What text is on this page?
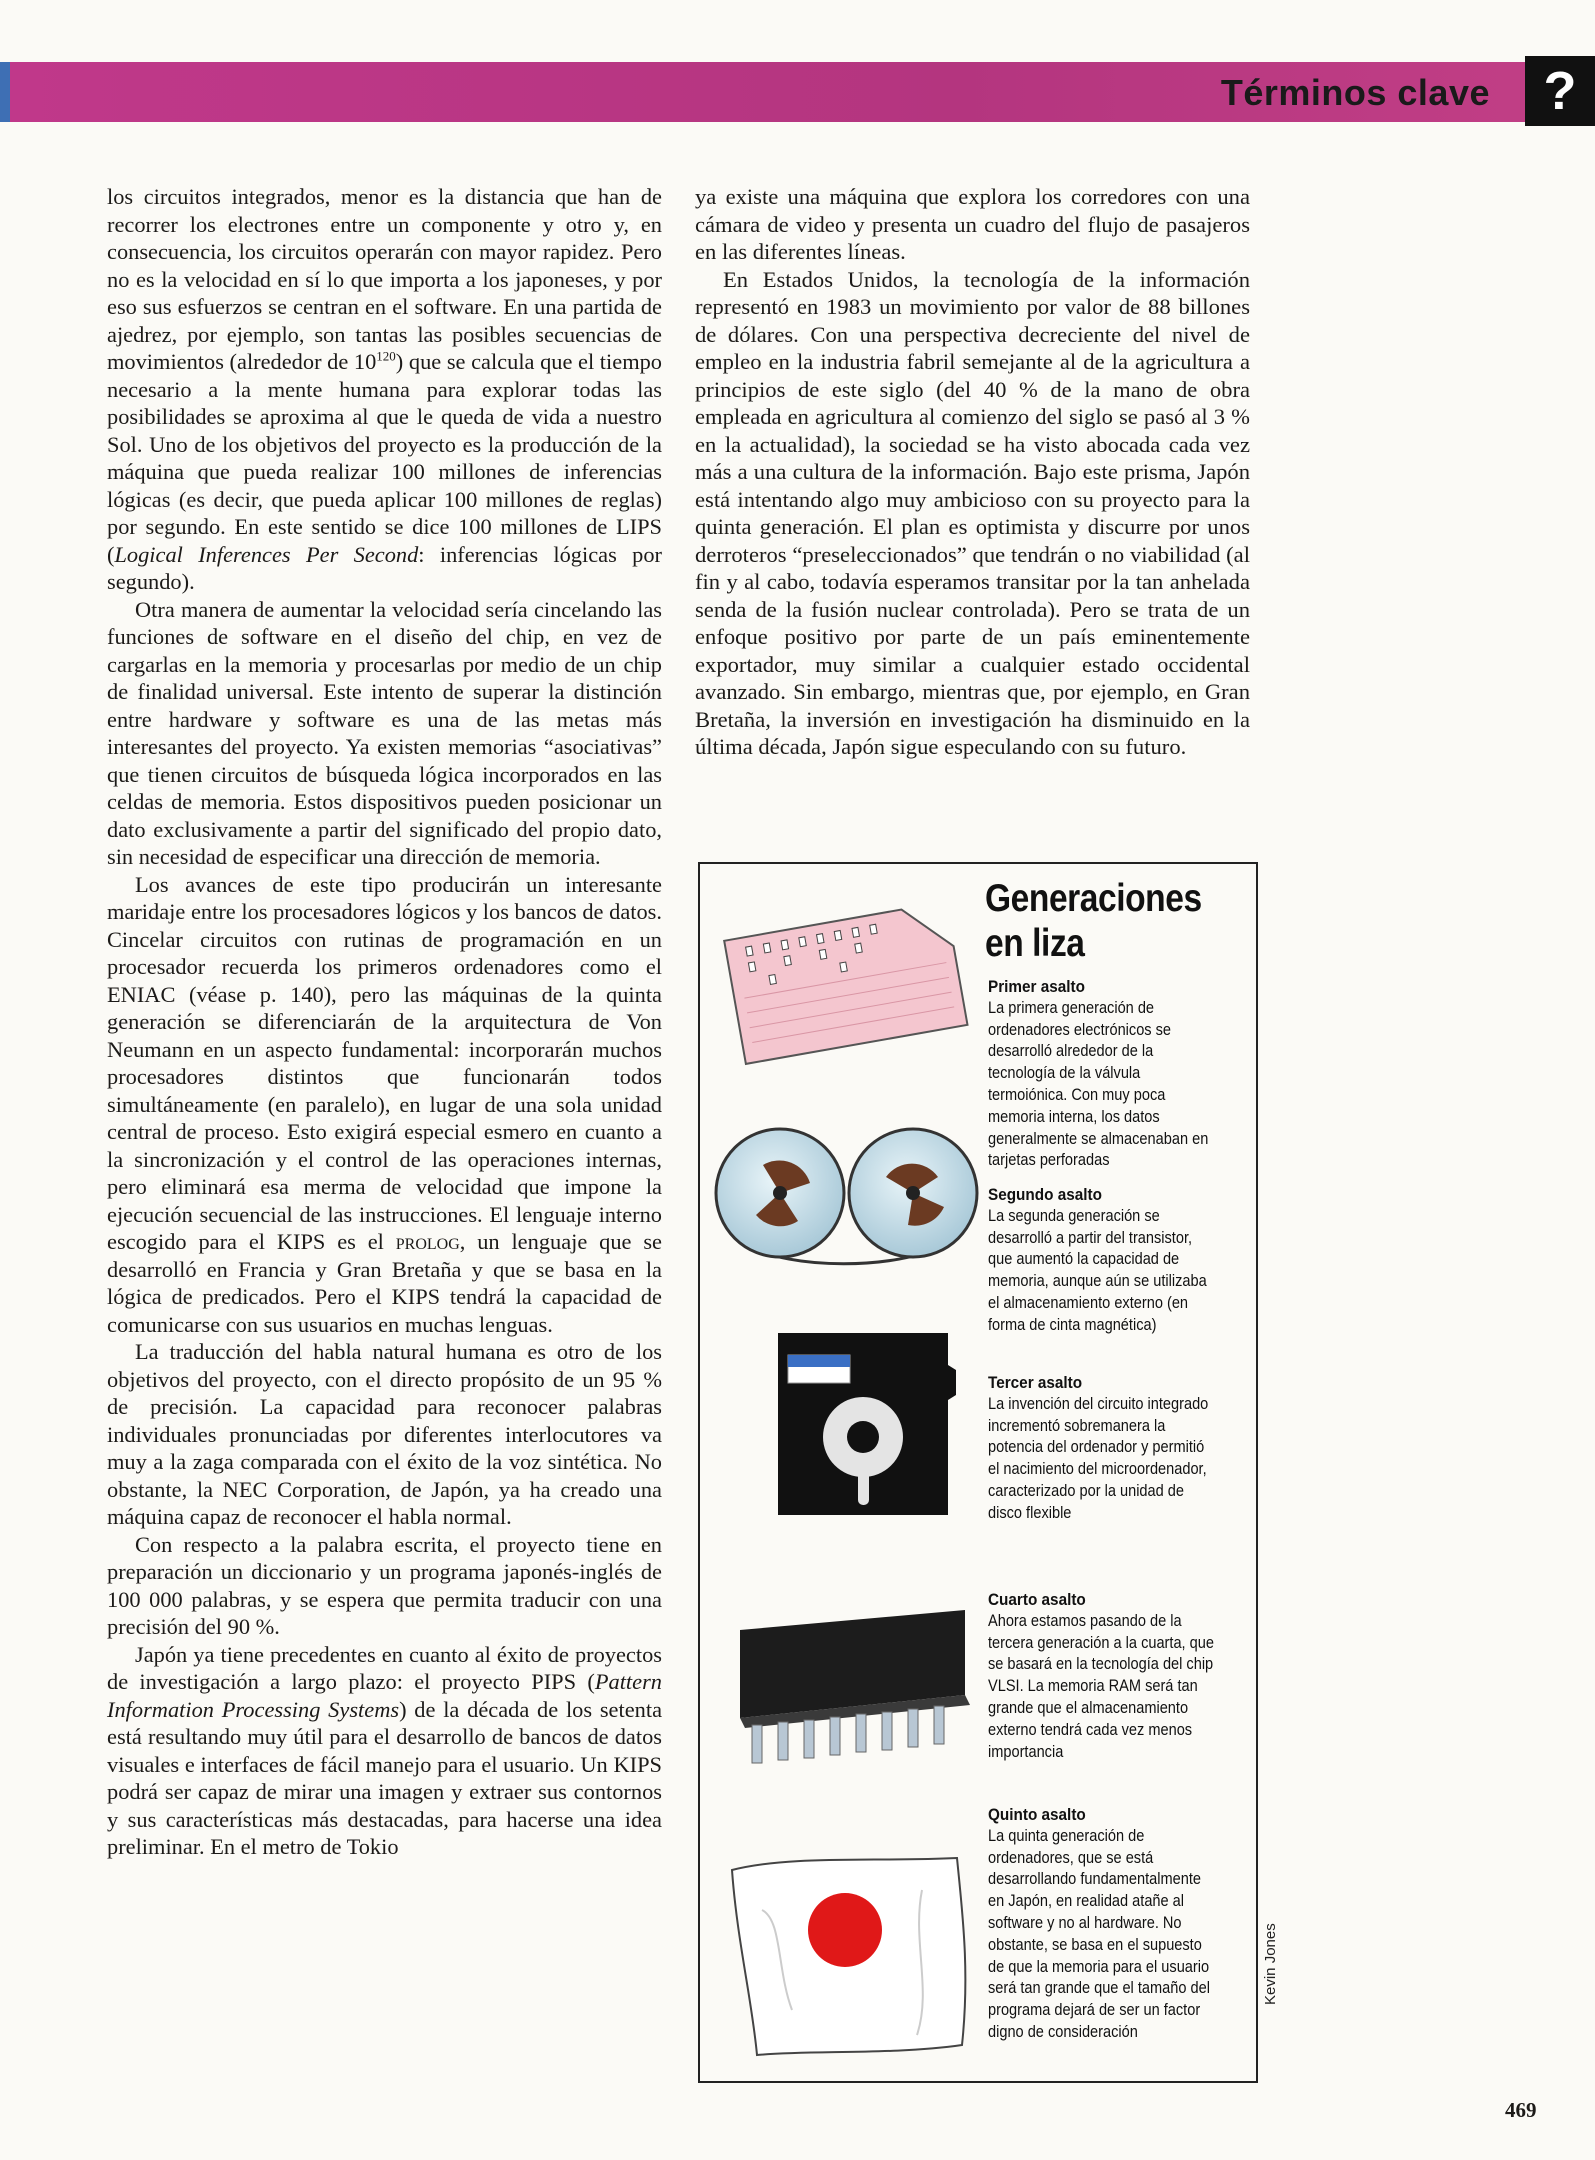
Términos clave ?

los circuitos integrados, menor es la distancia que han de recorrer los electrones entre un componente y otro y, en consecuencia, los circuitos operarán con mayor rapidez. Pero no es la velocidad en sí lo que importa a los japoneses, y por eso sus esfuerzos se centran en el software. En una partida de ajedrez, por ejemplo, son tantas las posibles secuencias de movimientos (alrededor de $10^{120}$) que se calcula que el tiempo necesario a la mente humana para explorar todas las posibilidades se aproxima al que le queda de vida a nuestro Sol. Uno de los objetivos del proyecto es la producción de la máquina que pueda realizar 100 millones de inferencias lógicas (es decir, que pueda aplicar 100 millones de reglas) por segundo. En este sentido se dice 100 millones de LIPS (Logical Inferences Per Second: inferencias lógicas por segundo).

Otra manera de aumentar la velocidad sería cincelando las funciones de software en el diseño del chip, en vez de cargarlas en la memoria y procesarlas por medio de un chip de finalidad universal. Este intento de superar la distinción entre hardware y software es una de las metas más interesantes del proyecto. Ya existen memorias “asociativas” que tienen circuitos de búsqueda lógica incorporados en las celdas de memoria. Estos dispositivos pueden posicionar un dato exclusivamente a partir del significado del propio dato, sin necesidad de especificar una dirección de memoria.

Los avances de este tipo producirán un interesante maridaje entre los procesadores lógicos y los bancos de datos. Cincelar circuitos con rutinas de programación en un procesador recuerda los primeros ordenadores como el ENIAC (véase p. 140), pero las máquinas de la quinta generación se diferenciarán de la arquitectura de Von Neumann en un aspecto fundamental: incorporarán muchos procesadores distintos que funcionarán todos simultáneamente (en paralelo), en lugar de una sola unidad central de proceso. Esto exigirá especial esmero en cuanto a la sincronización y el control de las operaciones internas, pero eliminará esa merma de velocidad que impone la ejecución secuencial de las instrucciones. El lenguaje interno escogido para el KIPS es el prolog, un lenguaje que se desarrolló en Francia y Gran Bretaña y que se basa en la lógica de predicados. Pero el KIPS tendrá la capacidad de comunicarse con sus usuarios en muchas lenguas.

La traducción del habla natural humana es otro de los objetivos del proyecto, con el directo propósito de un 95 % de precisión. La capacidad para reconocer palabras individuales pronunciadas por diferentes interlocutores va muy a la zaga comparada con el éxito de la voz sintética. No obstante, la NEC Corporation, de Japón, ya ha creado una máquina capaz de reconocer el habla normal.

Con respecto a la palabra escrita, el proyecto tiene en preparación un diccionario y un programa japonés-inglés de 100 000 palabras, y se espera que permita traducir con una precisión del 90 %.

Japón ya tiene precedentes en cuanto al éxito de proyectos de investigación a largo plazo: el proyecto PIPS (Pattern Information Processing Systems) de la década de los setenta está resultando muy útil para el desarrollo de bancos de datos visuales e interfaces de fácil manejo para el usuario. Un KIPS podrá ser capaz de mirar una imagen y extraer sus contornos y sus características más destacadas, para hacerse una idea preliminar. En el metro de Tokio

ya existe una máquina que explora los corredores con una cámara de video y presenta un cuadro del flujo de pasajeros en las diferentes líneas.

En Estados Unidos, la tecnología de la información representó en 1983 un movimiento por valor de 88 billones de dólares. Con una perspectiva decreciente del nivel de empleo en la industria fabril semejante al de la agricultura a principios de este siglo (del 40 % de la mano de obra empleada en agricultura al comienzo del siglo se pasó al 3 % en la actualidad), la sociedad se ha visto abocada cada vez más a una cultura de la información. Bajo este prisma, Japón está intentando algo muy ambicioso con su proyecto para la quinta generación. El plan es optimista y discurre por unos derroteros “preseleccionados” que tendrán o no viabilidad (al fin y al cabo, todavía esperamos transitar por la tan anhelada senda de la fusión nuclear controlada). Pero se trata de un enfoque positivo por parte de un país eminentemente exportador, muy similar a cualquier estado occidental avanzado. Sin embargo, mientras que, por ejemplo, en Gran Bretaña, la inversión en investigación ha disminuido en la última década, Japón sigue especulando con su futuro.

Generaciones
en liza
Primer asalto
La primera generación de ordenadores electrónicos se desarrolló alrededor de la tecnología de la válvula termoiónica. Con muy poca memoria interna, los datos generalmente se almacenaban en tarjetas perforadas
Segundo asalto
La segunda generación se desarrolló a partir del transistor, que aumentó la capacidad de memoria, aunque aún se utilizaba el almacenamiento externo (en forma de cinta magnética)
Tercer asalto
La invención del circuito integrado incrementó sobremanera la potencia del ordenador y permitió el nacimiento del microordenador, caracterizado por la unidad de disco flexible
Cuarto asalto
Ahora estamos pasando de la tercera generación a la cuarta, que se basará en la tecnología del chip VLSI. La memoria RAM será tan grande que el almacenamiento externo tendrá cada vez menos importancia
Quinto asalto
La quinta generación de ordenadores, que se está desarrollando fundamentalmente en Japón, en realidad atañe al software y no al hardware. No obstante, se basa en el supuesto de que la memoria para el usuario será tan grande que el tamaño del programa dejará de ser un factor digno de consideración
Kevin Jones
469
